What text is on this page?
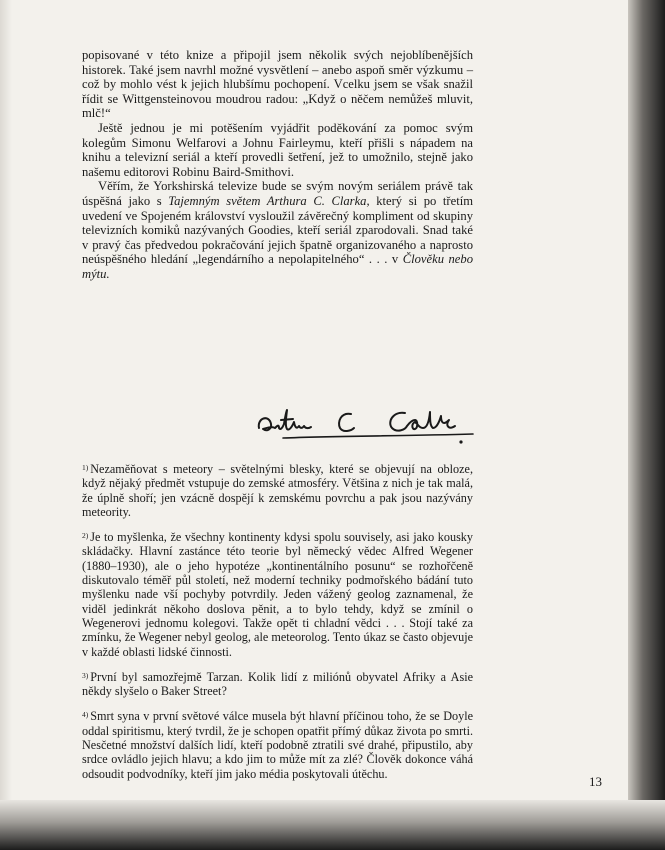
popisované v této knize a připojil jsem několik svých nejoblíbenějších historek. Také jsem navrhl možné vysvětlení – anebo aspoň směr výzkumu – což by mohlo vést k jejich hlubšímu pochopení. Vcelku jsem se však snažil řídit se Wittgensteinovou moudrou radou: „Když o něčem nemůžeš mluvit, mlč!“

Ještě jednou je mi potěšením vyjádřit poděkování za pomoc svým kolegům Simonu Welfarovi a Johnu Fairleymu, kteří přišli s nápadem na knihu a televizní seriál a kteří provedli šetření, jež to umožnilo, stejně jako našemu editorovi Robinu Baird-Smithovi.

Věřím, že Yorkshirská televize bude se svým novým seriálem právě tak úspěšná jako s Tajemným světem Arthura C. Clarka, který si po třetím uvedení ve Spojeném království vysloužil závěrečný kompliment od skupiny televizních komiků nazývaných Goodies, kteří seriál zparodovali. Snad také v pravý čas předvedou pokračování jejich špatně organizovaného a naprosto neúspěšného hledání „legendárního a nepolapitelného“ . . . v Člověku nebo mýtu.

$^{1)}$ Nezaměňovat s meteory – světelnými blesky, které se objevují na obloze, když nějaký předmět vstupuje do zemské atmosféry. Většina z nich je tak malá, že úplně shoří; jen vzácně dospějí k zemskému povrchu a pak jsou nazývány meteority.

$^{2)}$ Je to myšlenka, že všechny kontinenty kdysi spolu souvisely, asi jako kousky skládačky. Hlavní zastánce této teorie byl německý vědec Alfred Wegener (1880–1930), ale o jeho hypotéze „kontinentálního posunu“ se rozhořčeně diskutovalo téměř půl století, než moderní techniky podmořského bádání tuto myšlenku nade vší pochyby potvrdily. Jeden vážený geolog zaznamenal, že viděl jedinkrát někoho doslova pěnit, a to bylo tehdy, když se zmínil o Wegenerovi jednomu kolegovi. Takže opět ti chladní vědci . . . Stojí také za zmínku, že Wegener nebyl geolog, ale meteorolog. Tento úkaz se často objevuje v každé oblasti lidské činnosti.

$^{3)}$ První byl samozřejmě Tarzan. Kolik lidí z miliónů obyvatel Afriky a Asie někdy slyšelo o Baker Street?

$^{4)}$ Smrt syna v první světové válce musela být hlavní příčinou toho, že se Doyle oddal spiritismu, který tvrdil, že je schopen opatřit přímý důkaz života po smrti. Nesčetné množství dalších lidí, kteří podobně ztratili své drahé, připustilo, aby srdce ovládlo jejich hlavu; a kdo jim to může mít za zlé? Člověk dokonce váhá odsoudit podvodníky, kteří jim jako média poskytovali útěchu.

13
